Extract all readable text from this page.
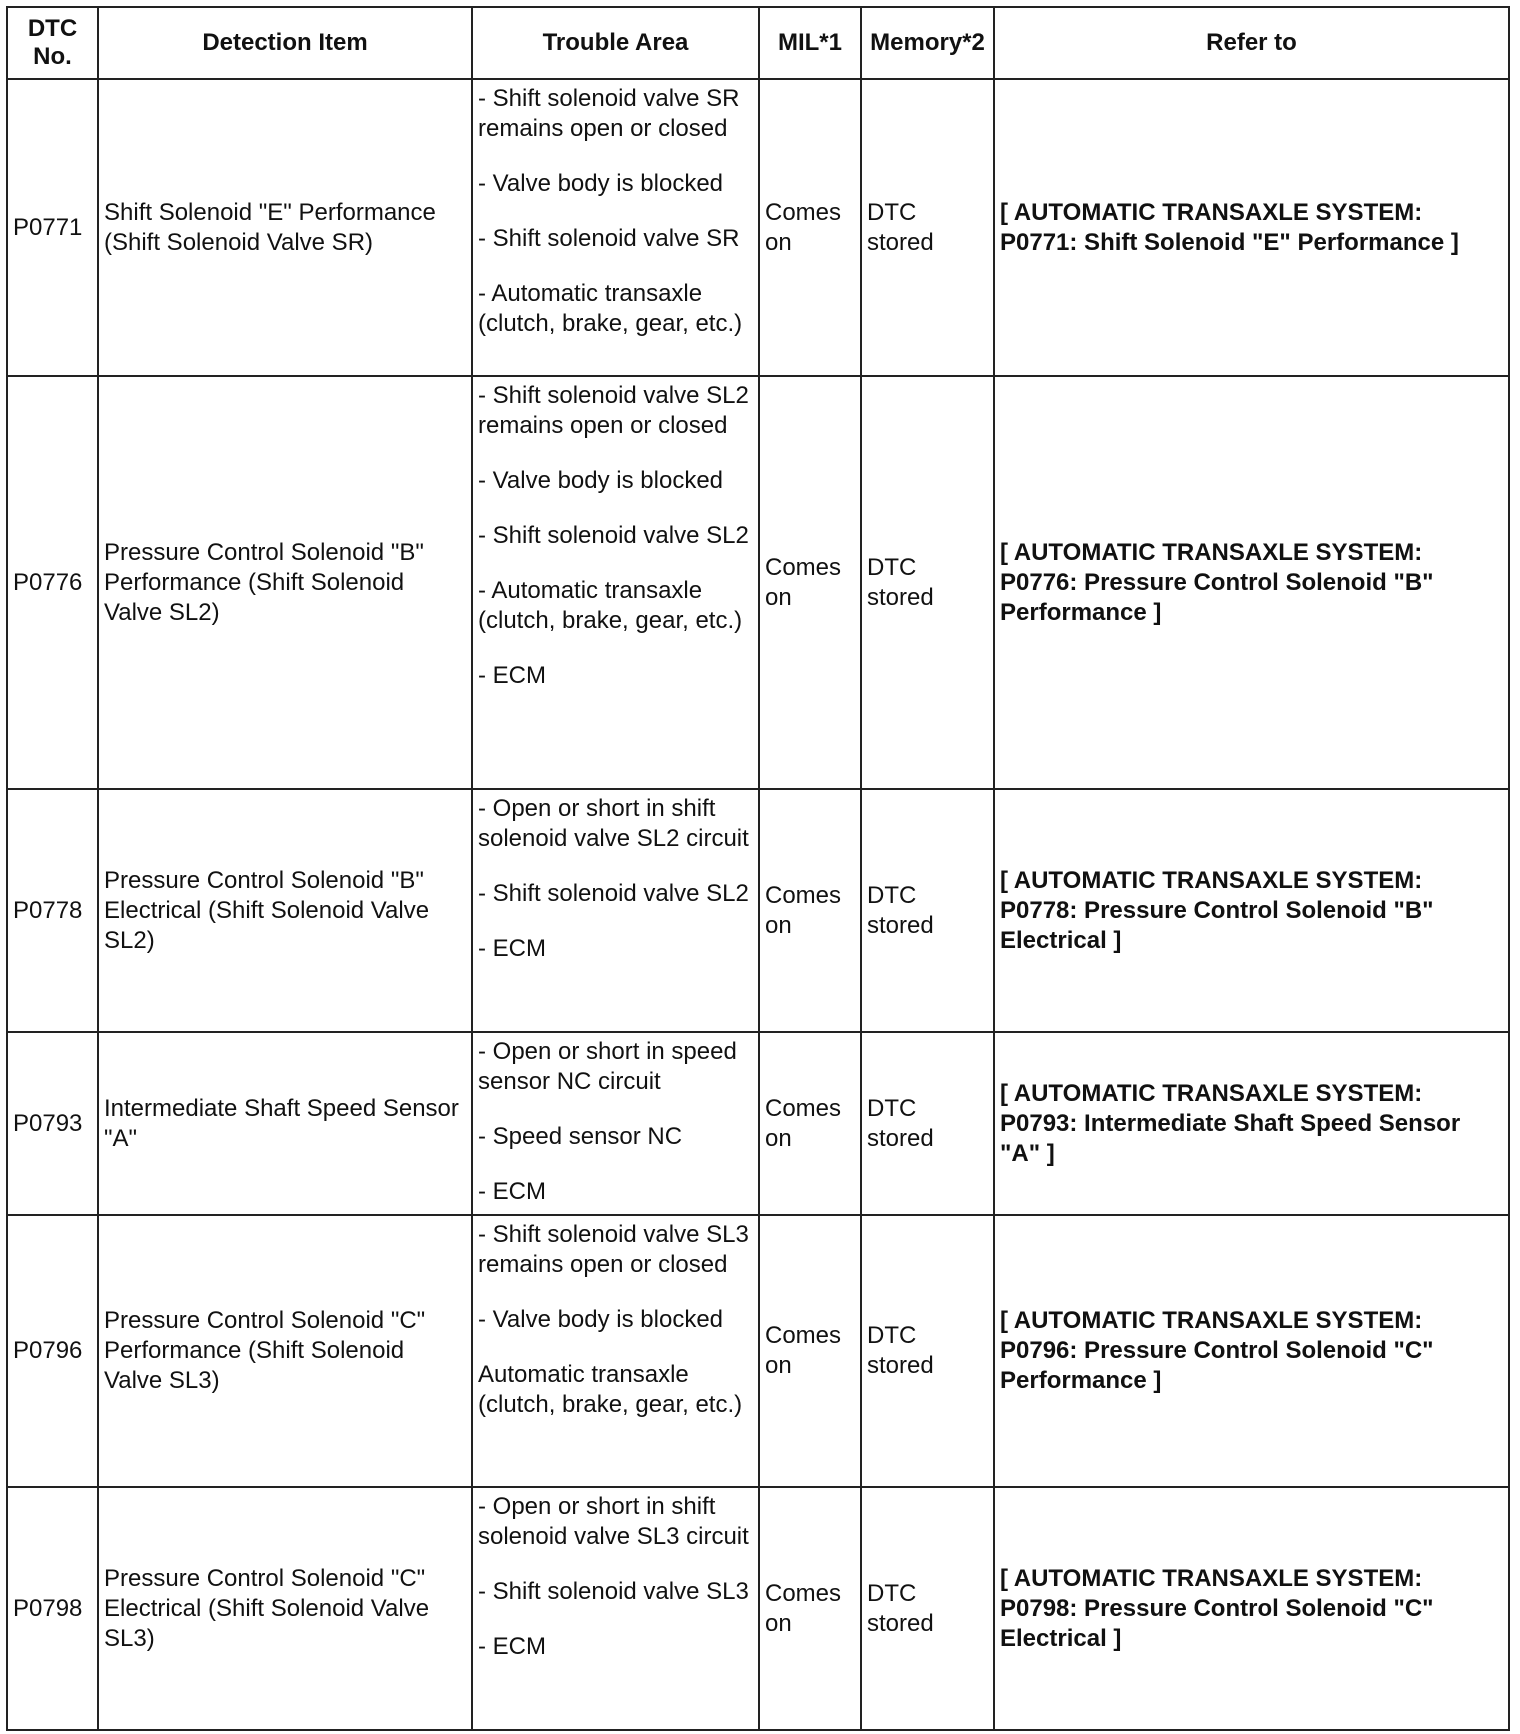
DTC
No.	Detection Item	Trouble Area	MIL*1	Memory*2	Refer to
P0771	Shift Solenoid "E" Performance (Shift Solenoid Valve SR)	- Shift solenoid valve SR remains open or closed
- Valve body is blocked
- Shift solenoid valve SR
- Automatic transaxle (clutch, brake, gear, etc.)	Comes on	DTC stored	[ AUTOMATIC TRANSAXLE SYSTEM: P0771: Shift Solenoid "E" Performance ]
P0776	Pressure Control Solenoid "B" Performance (Shift Solenoid Valve SL2)	- Shift solenoid valve SL2 remains open or closed
- Valve body is blocked
- Shift solenoid valve SL2
- Automatic transaxle (clutch, brake, gear, etc.)
- ECM	Comes on	DTC stored	[ AUTOMATIC TRANSAXLE SYSTEM: P0776: Pressure Control Solenoid "B" Performance ]
P0778	Pressure Control Solenoid "B" Electrical (Shift Solenoid Valve SL2)	- Open or short in shift solenoid valve SL2 circuit
- Shift solenoid valve SL2
- ECM	Comes on	DTC stored	[ AUTOMATIC TRANSAXLE SYSTEM: P0778: Pressure Control Solenoid "B" Electrical ]
P0793	Intermediate Shaft Speed Sensor "A"	- Open or short in speed sensor NC circuit
- Speed sensor NC
- ECM	Comes on	DTC stored	[ AUTOMATIC TRANSAXLE SYSTEM: P0793: Intermediate Shaft Speed Sensor "A" ]
P0796	Pressure Control Solenoid "C" Performance (Shift Solenoid Valve SL3)	- Shift solenoid valve SL3 remains open or closed
- Valve body is blocked
Automatic transaxle (clutch, brake, gear, etc.)	Comes on	DTC stored	[ AUTOMATIC TRANSAXLE SYSTEM: P0796: Pressure Control Solenoid "C" Performance ]
P0798	Pressure Control Solenoid "C" Electrical (Shift Solenoid Valve SL3)	- Open or short in shift solenoid valve SL3 circuit
- Shift solenoid valve SL3
- ECM	Comes on	DTC stored	[ AUTOMATIC TRANSAXLE SYSTEM: P0798: Pressure Control Solenoid "C" Electrical ]
